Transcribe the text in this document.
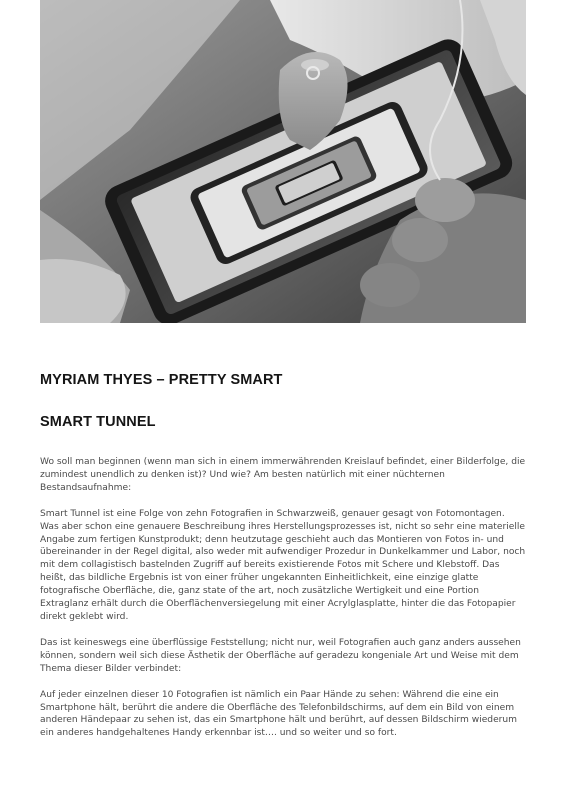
MYRIAM THYES – PRETTY SMART
SMART TUNNEL

Wo soll man beginnen (wenn man sich in einem immerwährenden Kreislauf befindet, einer Bilderfolge, die zumindest unendlich zu denken ist)? Und wie? Am besten natürlich mit einer nüchternen Bestandsaufnahme:

Smart Tunnel ist eine Folge von zehn Fotografien in Schwarzweiß, genauer gesagt von Fotomontagen. Was aber schon eine genauere Beschreibung ihres Herstellungsprozesses ist, nicht so sehr eine materielle Angabe zum fertigen Kunstprodukt; denn heutzutage geschieht auch das Montieren von Fotos in- und übereinander in der Regel digital, also weder mit aufwendiger Prozedur in Dunkelkammer und Labor, noch mit dem collagistisch bastelnden Zugriff auf bereits existierende Fotos mit Schere und Klebstoff. Das heißt, das bildliche Ergebnis ist von einer früher ungekannten Einheitlichkeit, eine einzige glatte fotografische Oberfläche, die, ganz state of the art, noch zusätzliche Wertigkeit und eine Portion Extraglanz erhält durch die Oberflächenversiegelung mit einer Acrylglasplatte, hinter die das Fotopapier direkt geklebt wird.

Das ist keineswegs eine überflüssige Feststellung; nicht nur, weil Fotografien auch ganz anders aussehen können, sondern weil sich diese Ästhetik der Oberfläche auf geradezu kongeniale Art und Weise mit dem Thema dieser Bilder verbindet:

Auf jeder einzelnen dieser 10 Fotografien ist nämlich ein Paar Hände zu sehen: Während die eine ein Smartphone hält, berührt die andere die Oberfläche des Telefonbildschirms, auf dem ein Bild von einem anderen Händepaar zu sehen ist, das ein Smartphone hält und berührt, auf dessen Bildschirm wiederum ein anderes handgehaltenes Handy erkennbar ist…. und so weiter und so fort.
